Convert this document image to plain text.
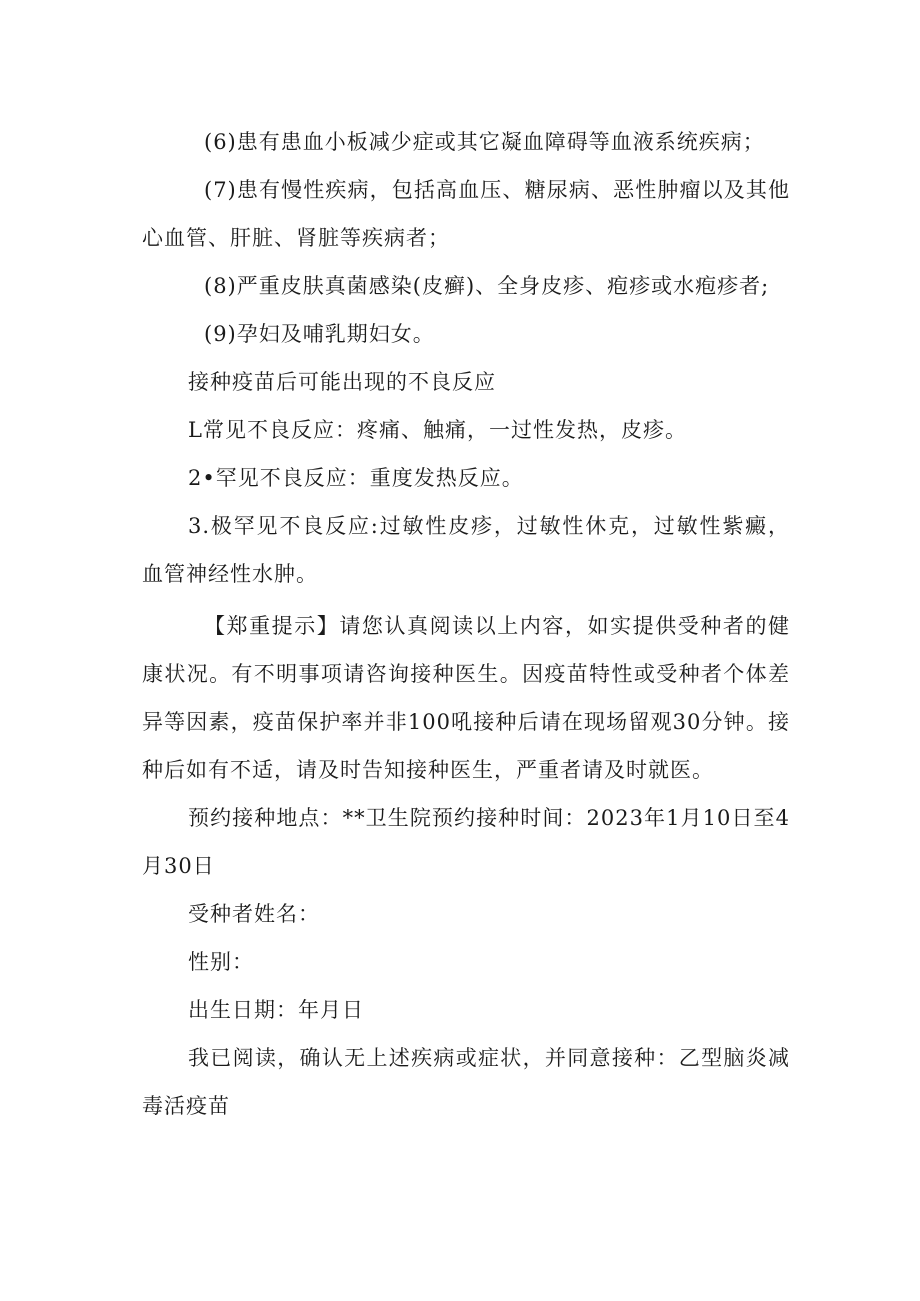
(6)患有患血小板减少症或其它凝血障碍等血液系统疾病；

(7)患有慢性疾病，包括高血压、糖尿病、恶性肿瘤以及其他心血管、肝脏、肾脏等疾病者；

(8)严重皮肤真菌感染(皮癣)、全身皮疹、疱疹或水疱疹者;

(9)孕妇及哺乳期妇女。

接种疫苗后可能出现的不良反应

L常见不良反应：疼痛、触痛，一过性发热，皮疹。

2•罕见不良反应：重度发热反应。

3.极罕见不良反应:过敏性皮疹，过敏性休克，过敏性紫癜，血管神经性水肿。

【郑重提示】请您认真阅读以上内容，如实提供受种者的健康状况。有不明事项请咨询接种医生。因疫苗特性或受种者个体差异等因素，疫苗保护率并非100吼接种后请在现场留观30分钟。接种后如有不适，请及时告知接种医生，严重者请及时就医。

预约接种地点：**卫生院预约接种时间：2023年1月10日至4月30日

受种者姓名：

性别：

出生日期：年月日

我已阅读，确认无上述疾病或症状，并同意接种：乙型脑炎减毒活疫苗
